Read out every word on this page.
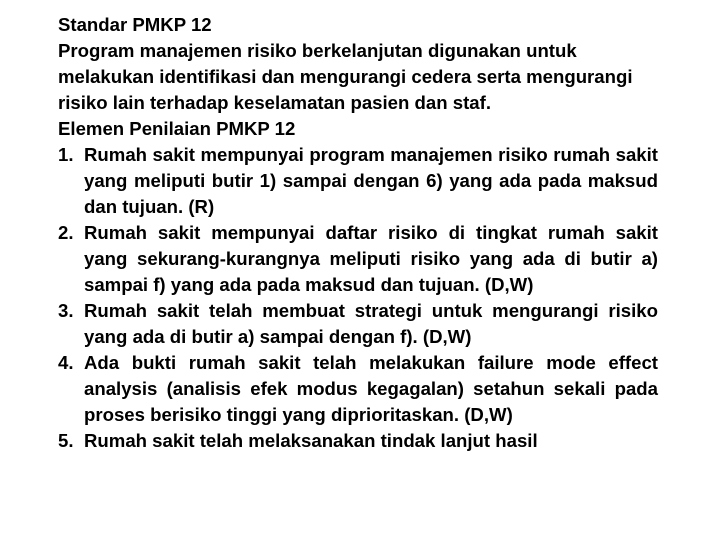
Standar PMKP 12

Program manajemen risiko berkelanjutan digunakan untuk melakukan identifikasi dan mengurangi cedera serta mengurangi risiko lain terhadap keselamatan pasien dan staf.

Elemen Penilaian PMKP 12

1. Rumah sakit mempunyai program manajemen risiko rumah sakit yang meliputi butir 1) sampai dengan 6) yang ada pada maksud dan tujuan. (R)
2. Rumah sakit mempunyai daftar risiko di tingkat rumah sakit yang sekurang-kurangnya meliputi risiko yang ada di butir a) sampai f) yang ada pada maksud dan tujuan. (D,W)
3. Rumah sakit telah membuat strategi untuk mengurangi risiko yang ada di butir a) sampai dengan f). (D,W)
4. Ada bukti rumah sakit telah melakukan failure mode effect analysis (analisis efek modus kegagalan) setahun sekali pada proses berisiko tinggi yang diprioritaskan. (D,W)
5. Rumah sakit telah melaksanakan tindak lanjut hasil
